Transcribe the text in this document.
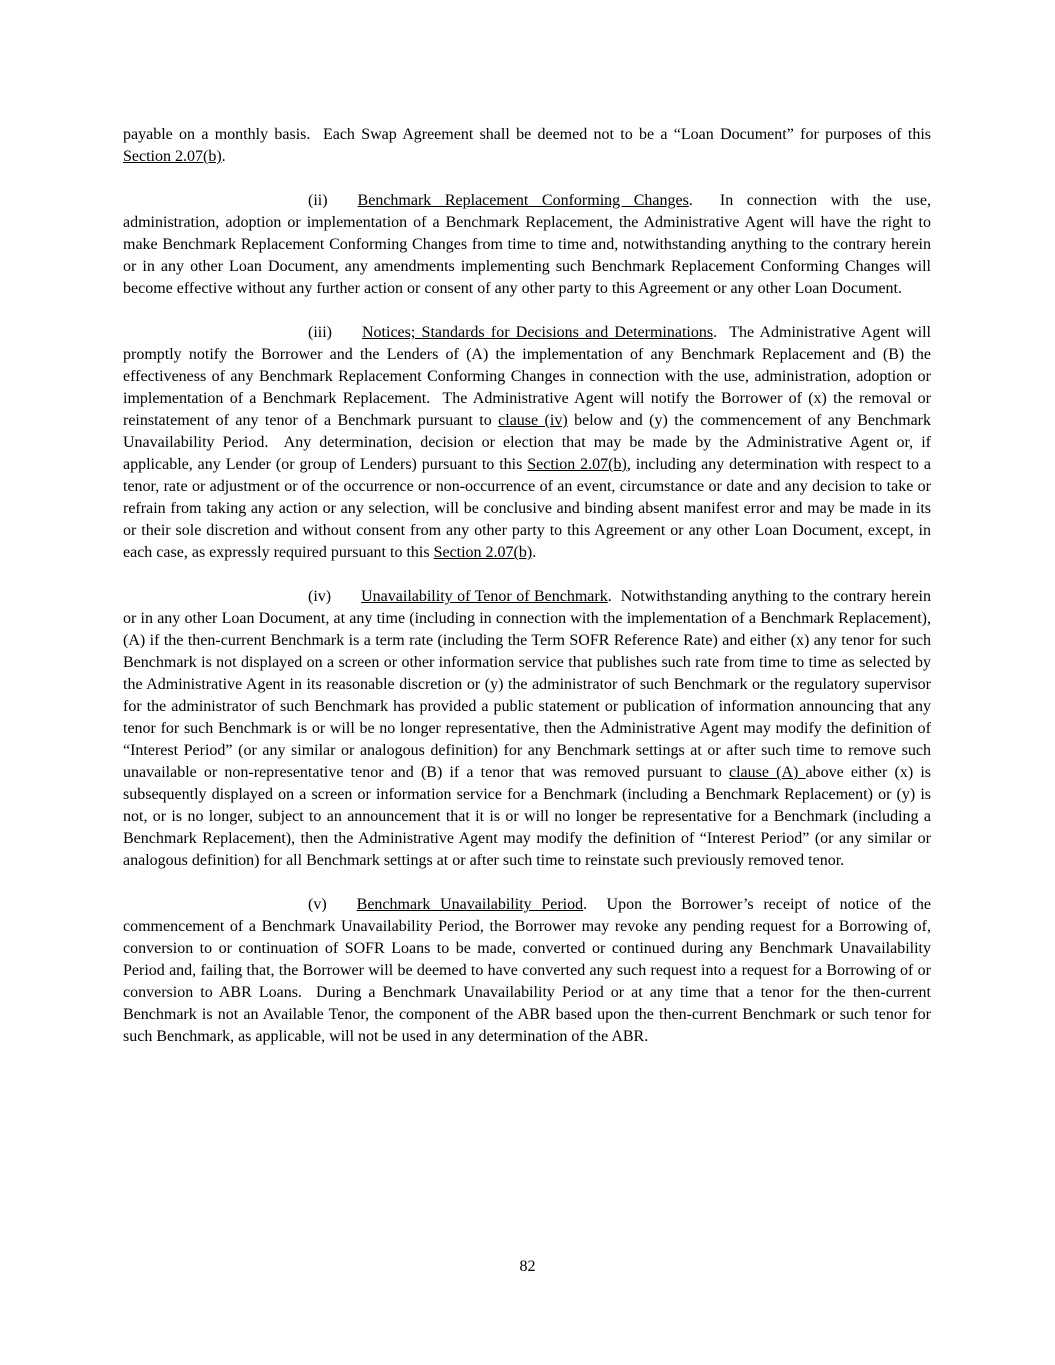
payable on a monthly basis.  Each Swap Agreement shall be deemed not to be a “Loan Document” for purposes of this Section 2.07(b).

(ii) Benchmark Replacement Conforming Changes.  In connection with the use, administration, adoption or implementation of a Benchmark Replacement, the Administrative Agent will have the right to make Benchmark Replacement Conforming Changes from time to time and, notwithstanding anything to the contrary herein or in any other Loan Document, any amendments implementing such Benchmark Replacement Conforming Changes will become effective without any further action or consent of any other party to this Agreement or any other Loan Document.

(iii) Notices; Standards for Decisions and Determinations.  The Administrative Agent will promptly notify the Borrower and the Lenders of (A) the implementation of any Benchmark Replacement and (B) the effectiveness of any Benchmark Replacement Conforming Changes in connection with the use, administration, adoption or implementation of a Benchmark Replacement.  The Administrative Agent will notify the Borrower of (x) the removal or reinstatement of any tenor of a Benchmark pursuant to clause (iv) below and (y) the commencement of any Benchmark Unavailability Period.  Any determination, decision or election that may be made by the Administrative Agent or, if applicable, any Lender (or group of Lenders) pursuant to this Section 2.07(b), including any determination with respect to a tenor, rate or adjustment or of the occurrence or non-occurrence of an event, circumstance or date and any decision to take or refrain from taking any action or any selection, will be conclusive and binding absent manifest error and may be made in its or their sole discretion and without consent from any other party to this Agreement or any other Loan Document, except, in each case, as expressly required pursuant to this Section 2.07(b).

(iv) Unavailability of Tenor of Benchmark.  Notwithstanding anything to the contrary herein or in any other Loan Document, at any time (including in connection with the implementation of a Benchmark Replacement), (A) if the then-current Benchmark is a term rate (including the Term SOFR Reference Rate) and either (x) any tenor for such Benchmark is not displayed on a screen or other information service that publishes such rate from time to time as selected by the Administrative Agent in its reasonable discretion or (y) the administrator of such Benchmark or the regulatory supervisor for the administrator of such Benchmark has provided a public statement or publication of information announcing that any tenor for such Benchmark is or will be no longer representative, then the Administrative Agent may modify the definition of “Interest Period” (or any similar or analogous definition) for any Benchmark settings at or after such time to remove such unavailable or non-representative tenor and (B) if a tenor that was removed pursuant to clause (A) above either (x) is subsequently displayed on a screen or information service for a Benchmark (including a Benchmark Replacement) or (y) is not, or is no longer, subject to an announcement that it is or will no longer be representative for a Benchmark (including a Benchmark Replacement), then the Administrative Agent may modify the definition of “Interest Period” (or any similar or analogous definition) for all Benchmark settings at or after such time to reinstate such previously removed tenor.

(v) Benchmark Unavailability Period.  Upon the Borrower’s receipt of notice of the commencement of a Benchmark Unavailability Period, the Borrower may revoke any pending request for a Borrowing of, conversion to or continuation of SOFR Loans to be made, converted or continued during any Benchmark Unavailability Period and, failing that, the Borrower will be deemed to have converted any such request into a request for a Borrowing of or conversion to ABR Loans.  During a Benchmark Unavailability Period or at any time that a tenor for the then-current Benchmark is not an Available Tenor, the component of the ABR based upon the then-current Benchmark or such tenor for such Benchmark, as applicable, will not be used in any determination of the ABR.

82
